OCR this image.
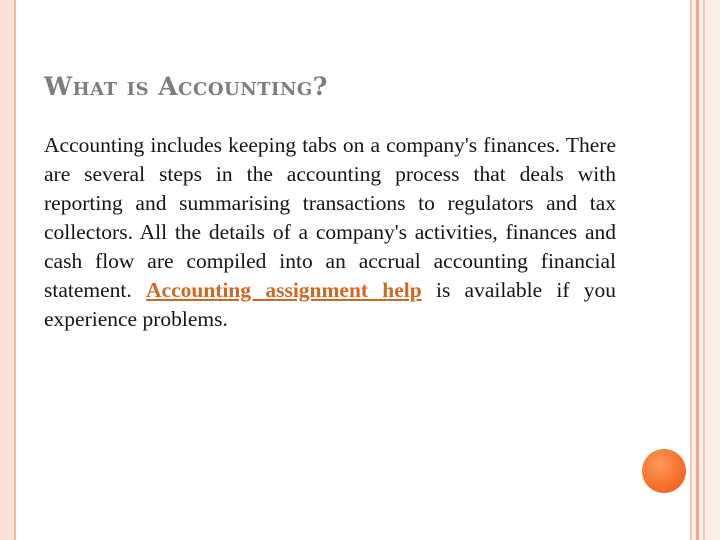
What is Accounting?

Accounting includes keeping tabs on a company's finances. There are several steps in the accounting process that deals with reporting and summarising transactions to regulators and tax collectors. All the details of a company's activities, finances and cash flow are compiled into an accrual accounting financial statement. Accounting assignment help is available if you experience problems.
